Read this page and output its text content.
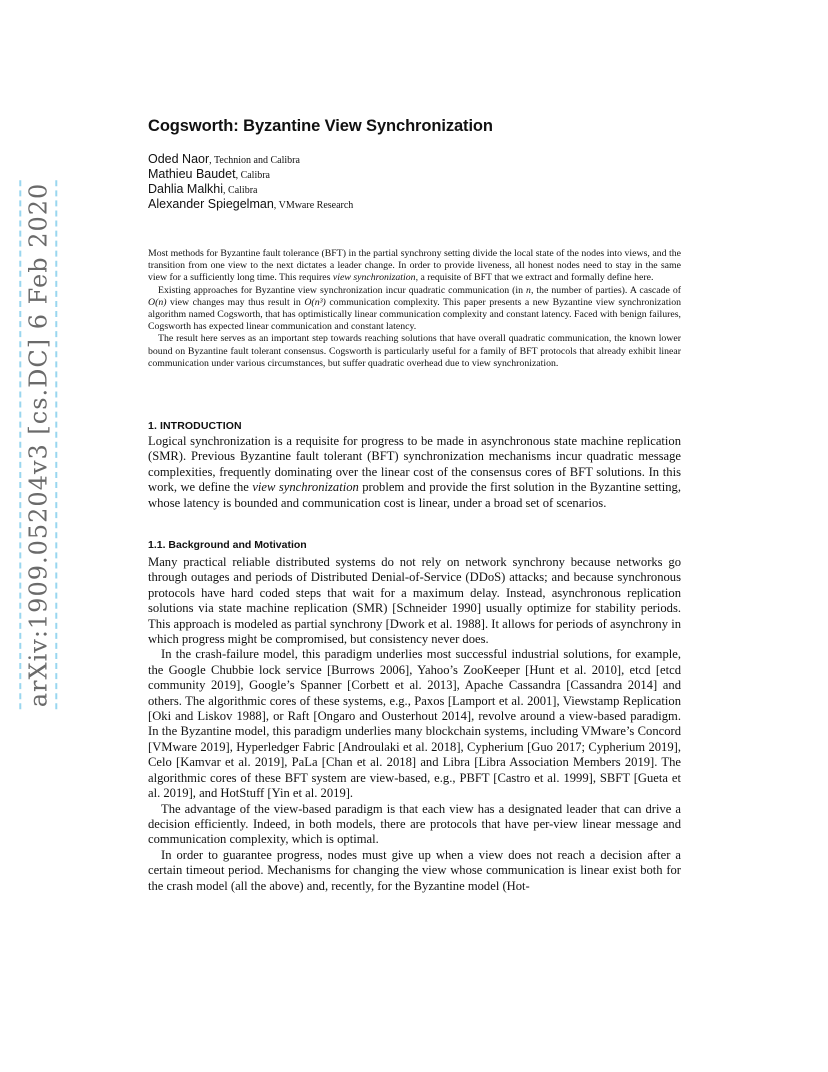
arXiv:1909.05204v3 [cs.DC] 6 Feb 2020
Cogsworth: Byzantine View Synchronization
Oded Naor, Technion and Calibra
Mathieu Baudet, Calibra
Dahlia Malkhi, Calibra
Alexander Spiegelman, VMware Research

Most methods for Byzantine fault tolerance (BFT) in the partial synchrony setting divide the local state of the nodes into views, and the transition from one view to the next dictates a leader change. In order to provide liveness, all honest nodes need to stay in the same view for a sufficiently long time. This requires view synchronization, a requisite of BFT that we extract and formally define here.

Existing approaches for Byzantine view synchronization incur quadratic communication (in n, the number of parties). A cascade of O(n) view changes may thus result in O(n³) communication complexity. This paper presents a new Byzantine view synchronization algorithm named Cogsworth, that has optimistically linear communication complexity and constant latency. Faced with benign failures, Cogsworth has expected linear communication and constant latency.

The result here serves as an important step towards reaching solutions that have overall quadratic communication, the known lower bound on Byzantine fault tolerant consensus. Cogsworth is particularly useful for a family of BFT protocols that already exhibit linear communication under various circumstances, but suffer quadratic overhead due to view synchronization.

1. INTRODUCTION

Logical synchronization is a requisite for progress to be made in asynchronous state machine replication (SMR). Previous Byzantine fault tolerant (BFT) synchronization mechanisms incur quadratic message complexities, frequently dominating over the linear cost of the consensus cores of BFT solutions. In this work, we define the view synchronization problem and provide the first solution in the Byzantine setting, whose latency is bounded and communication cost is linear, under a broad set of scenarios.

1.1. Background and Motivation

Many practical reliable distributed systems do not rely on network synchrony because networks go through outages and periods of Distributed Denial-of-Service (DDoS) attacks; and because synchronous protocols have hard coded steps that wait for a maximum delay. Instead, asynchronous replication solutions via state machine replication (SMR) [Schneider 1990] usually optimize for stability periods. This approach is modeled as partial synchrony [Dwork et al. 1988]. It allows for periods of asynchrony in which progress might be compromised, but consistency never does.

In the crash-failure model, this paradigm underlies most successful industrial solutions, for example, the Google Chubbie lock service [Burrows 2006], Yahoo’s ZooKeeper [Hunt et al. 2010], etcd [etcd community 2019], Google’s Spanner [Corbett et al. 2013], Apache Cassandra [Cassandra 2014] and others. The algorithmic cores of these systems, e.g., Paxos [Lamport et al. 2001], Viewstamp Replication [Oki and Liskov 1988], or Raft [Ongaro and Ousterhout 2014], revolve around a view-based paradigm. In the Byzantine model, this paradigm underlies many blockchain systems, including VMware’s Concord [VMware 2019], Hyperledger Fabric [Androulaki et al. 2018], Cypherium [Guo 2017; Cypherium 2019], Celo [Kamvar et al. 2019], PaLa [Chan et al. 2018] and Libra [Libra Association Members 2019]. The algorithmic cores of these BFT system are view-based, e.g., PBFT [Castro et al. 1999], SBFT [Gueta et al. 2019], and HotStuff [Yin et al. 2019].

The advantage of the view-based paradigm is that each view has a designated leader that can drive a decision efficiently. Indeed, in both models, there are protocols that have per-view linear message and communication complexity, which is optimal.

In order to guarantee progress, nodes must give up when a view does not reach a decision after a certain timeout period. Mechanisms for changing the view whose communication is linear exist both for the crash model (all the above) and, recently, for the Byzantine model (Hot-
